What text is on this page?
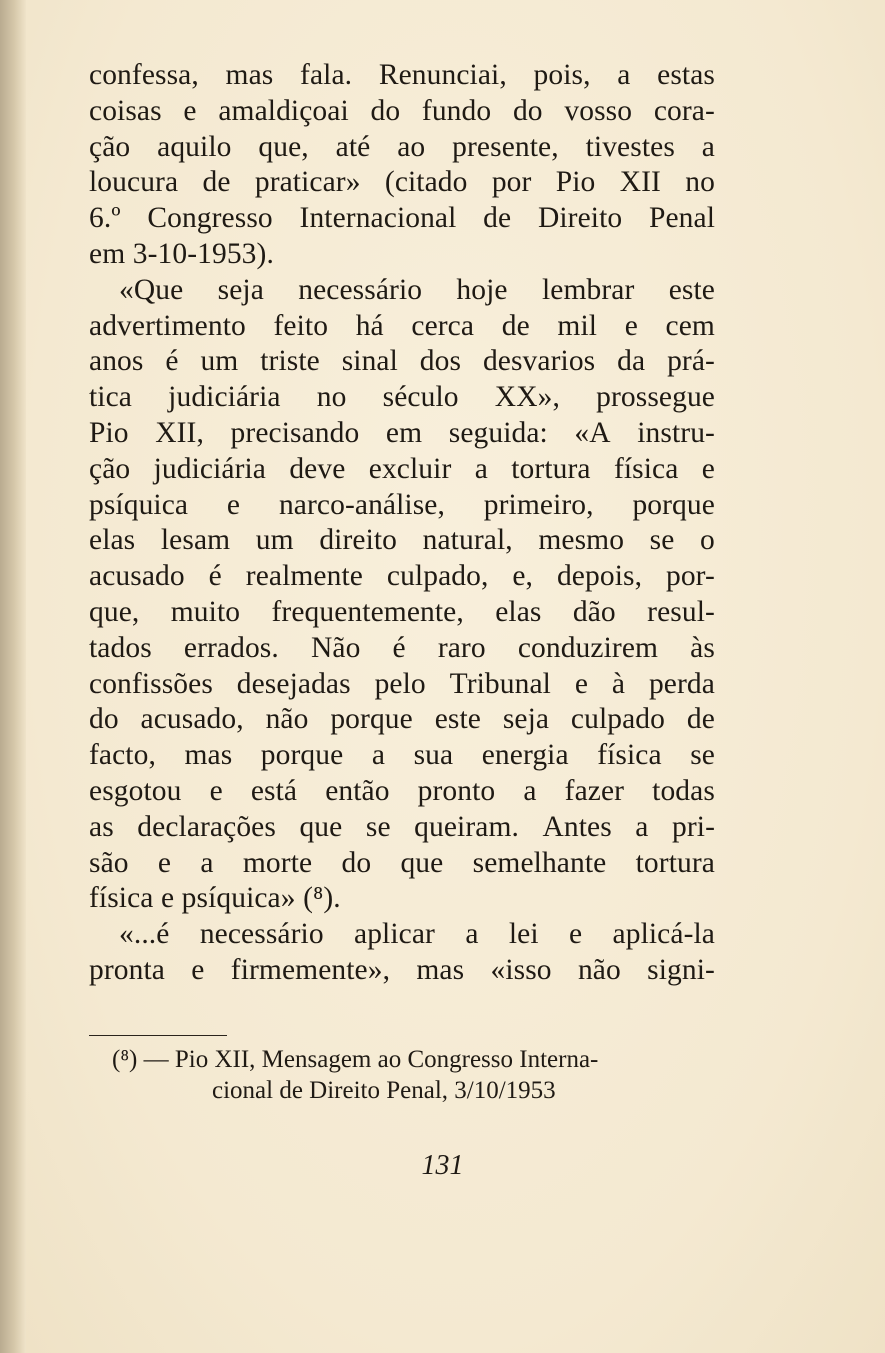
confessa, mas fala. Renunciai, pois, a estas
coisas e amaldiçoai do fundo do vosso cora-
ção aquilo que, até ao presente, tivestes a
loucura de praticar» (citado por Pio XII no
6.º Congresso Internacional de Direito Penal
em 3-10-1953).
«Que seja necessário hoje lembrar este
advertimento feito há cerca de mil e cem
anos é um triste sinal dos desvarios da prá-
tica judiciária no século XX», prossegue
Pio XII, precisando em seguida: «A instru-
ção judiciária deve excluir a tortura física e
psíquica e narco-análise, primeiro, porque
elas lesam um direito natural, mesmo se o
acusado é realmente culpado, e, depois, por-
que, muito frequentemente, elas dão resul-
tados errados. Não é raro conduzirem às
confissões desejadas pelo Tribunal e à perda
do acusado, não porque este seja culpado de
facto, mas porque a sua energia física se
esgotou e está então pronto a fazer todas
as declarações que se queiram. Antes a pri-
são e a morte do que semelhante tortura
física e psíquica» (⁸).
«...é necessário aplicar a lei e aplicá-la
pronta e firmemente», mas «isso não signi-
(⁸) — Pio XII, Mensagem ao Congresso Interna-
cional de Direito Penal, 3/10/1953
131
